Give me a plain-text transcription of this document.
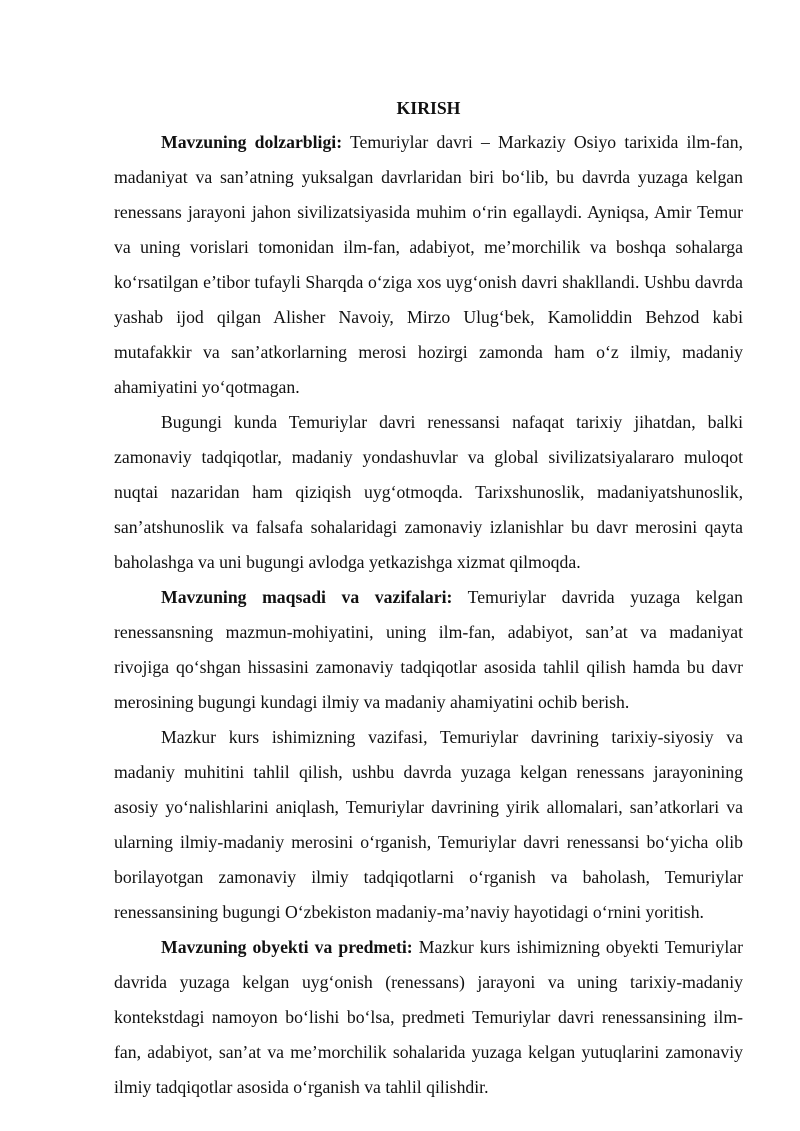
KIRISH

Mavzuning dolzarbligi: Temuriylar davri – Markaziy Osiyo tarixida ilm-fan, madaniyat va san’atning yuksalgan davrlaridan biri bo‘lib, bu davrda yuzaga kelgan renessans jarayoni jahon sivilizatsiyasida muhim o‘rin egallaydi. Ayniqsa, Amir Temur va uning vorislari tomonidan ilm-fan, adabiyot, me’morchilik va boshqa sohalarga ko‘rsatilgan e’tibor tufayli Sharqda o‘ziga xos uyg‘onish davri shakllandi. Ushbu davrda yashab ijod qilgan Alisher Navoiy, Mirzo Ulug‘bek, Kamoliddin Behzod kabi mutafakkir va san’atkorlarning merosi hozirgi zamonda ham o‘z ilmiy, madaniy ahamiyatini yo‘qotmagan.

Bugungi kunda Temuriylar davri renessansi nafaqat tarixiy jihatdan, balki zamonaviy tadqiqotlar, madaniy yondashuvlar va global sivilizatsiyalararo muloqot nuqtai nazaridan ham qiziqish uyg‘otmoqda. Tarixshunoslik, madaniyatshunoslik, san’atshunoslik va falsafa sohalaridagi zamonaviy izlanishlar bu davr merosini qayta baholashga va uni bugungi avlodga yetkazishga xizmat qilmoqda.

Mavzuning maqsadi va vazifalari: Temuriylar davrida yuzaga kelgan renessansning mazmun-mohiyatini, uning ilm-fan, adabiyot, san’at va madaniyat rivojiga qo‘shgan hissasini zamonaviy tadqiqotlar asosida tahlil qilish hamda bu davr merosining bugungi kundagi ilmiy va madaniy ahamiyatini ochib berish.

Mazkur kurs ishimizning vazifasi, Temuriylar davrining tarixiy-siyosiy va madaniy muhitini tahlil qilish, ushbu davrda yuzaga kelgan renessans jarayonining asosiy yo‘nalishlarini aniqlash, Temuriylar davrining yirik allomalari, san’atkorlari va ularning ilmiy-madaniy merosini o‘rganish, Temuriylar davri renessansi bo‘yicha olib borilayotgan zamonaviy ilmiy tadqiqotlarni o‘rganish va baholash, Temuriylar renessansining bugungi O‘zbekiston madaniy-ma’naviy hayotidagi o‘rnini yoritish.

Mavzuning obyekti va predmeti: Mazkur kurs ishimizning obyekti Temuriylar davrida yuzaga kelgan uyg‘onish (renessans) jarayoni va uning tarixiy-madaniy kontekstdagi namoyon bo‘lishi bo‘lsa, predmeti Temuriylar davri renessansining ilm-fan, adabiyot, san’at va me’morchilik sohalarida yuzaga kelgan yutuqlarini zamonaviy ilmiy tadqiqotlar asosida o‘rganish va tahlil qilishdir.
